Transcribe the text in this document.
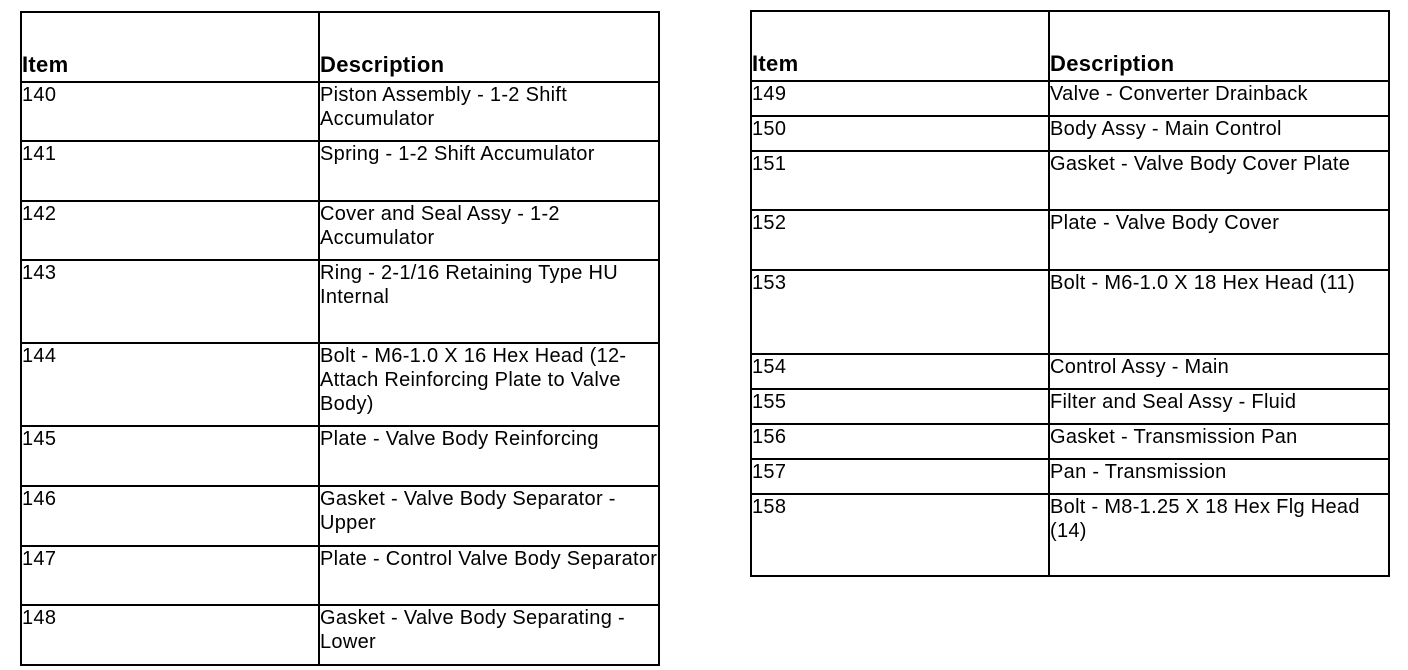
Item	Description
140	Piston Assembly - 1-2 Shift Accumulator
141	Spring - 1-2 Shift Accumulator
142	Cover and Seal Assy - 1-2 Accumulator
143	Ring - 2-1/16 Retaining Type HU Internal
144	Bolt - M6-1.0 X 16 Hex Head (12-Attach Reinforcing Plate to Valve Body)
145	Plate - Valve Body Reinforcing
146	Gasket - Valve Body Separator - Upper
147	Plate - Control Valve Body Separator
148	Gasket - Valve Body Separating - Lower
Item	Description
149	Valve - Converter Drainback
150	Body Assy - Main Control
151	Gasket - Valve Body Cover Plate
152	Plate - Valve Body Cover
153	Bolt - M6-1.0 X 18 Hex Head (11)
154	Control Assy - Main
155	Filter and Seal Assy - Fluid
156	Gasket - Transmission Pan
157	Pan - Transmission
158	Bolt - M8-1.25 X 18 Hex Flg Head (14)
